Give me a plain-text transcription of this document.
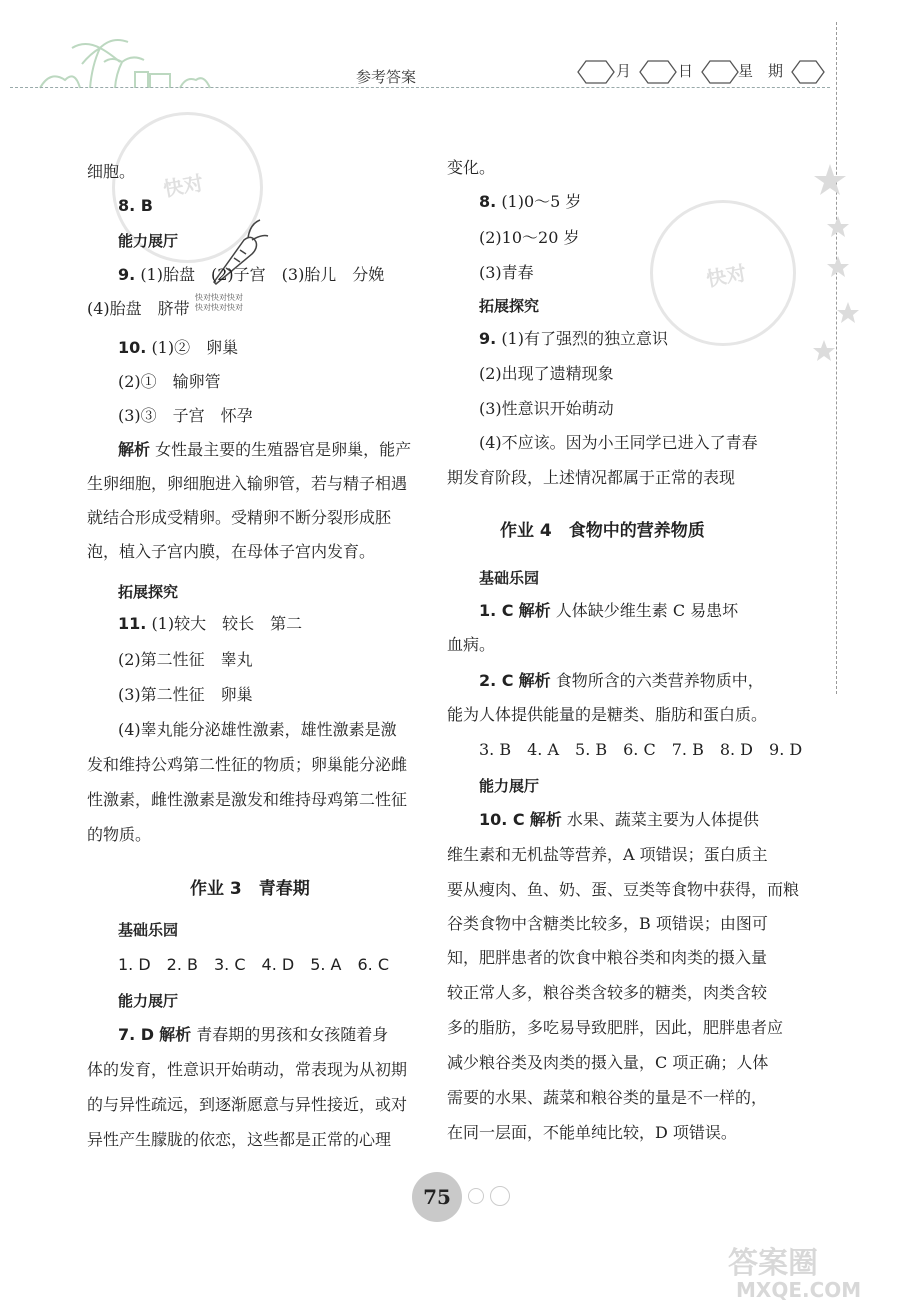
参考答案	月	日	星 期
快对
快对
快对快对快对
快对快对快对
细胞。
8. B
能力展厅
9. (1)胎盘　(2)子宫　(3)胎儿　分娩
(4)胎盘　脐带
10. (1)②　卵巢
(2)①　输卵管
(3)③　子宫　怀孕
解析 女性最主要的生殖器官是卵巢，能产
生卵细胞，卵细胞进入输卵管，若与精子相遇
就结合形成受精卵。受精卵不断分裂形成胚
泡，植入子宫内膜，在母体子宫内发育。
拓展探究
11. (1)较大　较长　第二
(2)第二性征　睾丸
(3)第二性征　卵巢
(4)睾丸能分泌雄性激素，雄性激素是激
发和维持公鸡第二性征的物质；卵巢能分泌雌
性激素，雌性激素是激发和维持母鸡第二性征
的物质。
作业 3　青春期
基础乐园
1. D　2. B　3. C　4. D　5. A　6. C
能力展厅
7. D 解析 青春期的男孩和女孩随着身
体的发育，性意识开始萌动，常表现为从初期
的与异性疏远，到逐渐愿意与异性接近，或对
异性产生朦胧的依恋，这些都是正常的心理
变化。
8. (1)0～5 岁
(2)10～20 岁
(3)青春
拓展探究
9. (1)有了强烈的独立意识
(2)出现了遗精现象
(3)性意识开始萌动
(4)不应该。因为小王同学已进入了青春
期发育阶段，上述情况都属于正常的表现
作业 4　食物中的营养物质
基础乐园
1. C 解析 人体缺少维生素 C 易患坏
血病。
2. C 解析 食物所含的六类营养物质中，
能为人体提供能量的是糖类、脂肪和蛋白质。
3. B　4. A　5. B　6. C　7. B　8. D　9. D
能力展厅
10. C 解析 水果、蔬菜主要为人体提供
维生素和无机盐等营养，A 项错误；蛋白质主
要从瘦肉、鱼、奶、蛋、豆类等食物中获得，而粮
谷类食物中含糖类比较多，B 项错误；由图可
知，肥胖患者的饮食中粮谷类和肉类的摄入量
较正常人多，粮谷类含较多的糖类，肉类含较
多的脂肪，多吃易导致肥胖，因此，肥胖患者应
减少粮谷类及肉类的摄入量，C 项正确；人体
需要的水果、蔬菜和粮谷类的量是不一样的，
在同一层面，不能单纯比较，D 项错误。
75
答案圈
MXQE.COM
